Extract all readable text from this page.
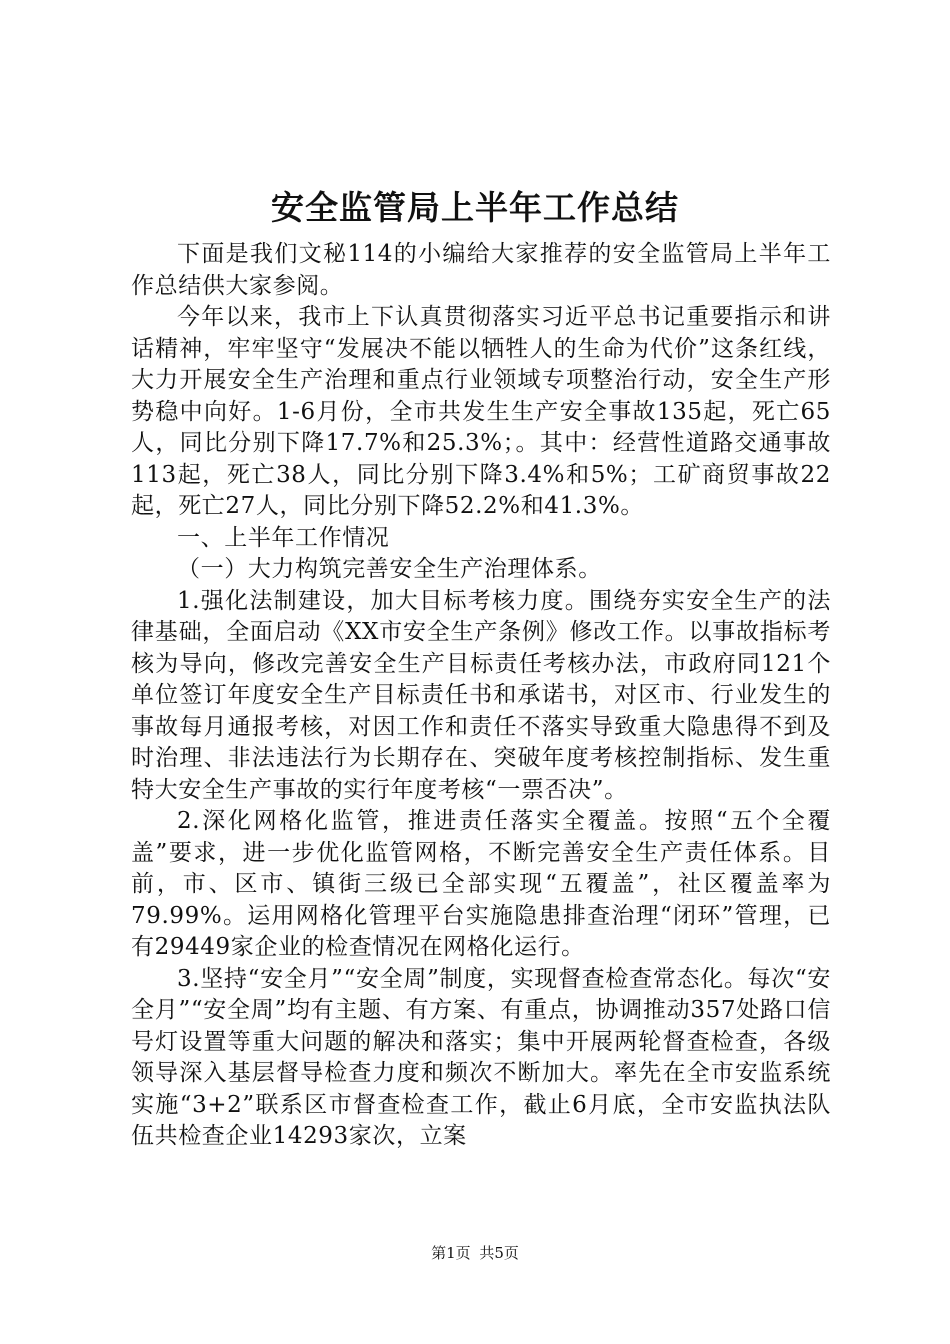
安全监管局上半年工作总结

下面是我们文秘114的小编给大家推荐的安全监管局上半年工作总结供大家参阅。

今年以来，我市上下认真贯彻落实习近平总书记重要指示和讲话精神，牢牢坚守“发展决不能以牺牲人的生命为代价”这条红线，大力开展安全生产治理和重点行业领域专项整治行动，安全生产形势稳中向好。1-6月份，全市共发生生产安全事故135起，死亡65人，同比分别下降17.7%和25.3%；。其中：经营性道路交通事故113起，死亡38人，同比分别下降3.4%和5%；工矿商贸事故22起，死亡27人，同比分别下降52.2%和41.3%。

一、上半年工作情况

（一）大力构筑完善安全生产治理体系。

1.强化法制建设，加大目标考核力度。围绕夯实安全生产的法律基础，全面启动《XX市安全生产条例》修改工作。以事故指标考核为导向，修改完善安全生产目标责任考核办法，市政府同121个单位签订年度安全生产目标责任书和承诺书，对区市、行业发生的事故每月通报考核，对因工作和责任不落实导致重大隐患得不到及时治理、非法违法行为长期存在、突破年度考核控制指标、发生重特大安全生产事故的实行年度考核“一票否决”。

2.深化网格化监管，推进责任落实全覆盖。按照“五个全覆盖”要求，进一步优化监管网格，不断完善安全生产责任体系。目前，市、区市、镇街三级已全部实现“五覆盖”，社区覆盖率为79.99%。运用网格化管理平台实施隐患排查治理“闭环”管理，已有29449家企业的检查情况在网格化运行。

3.坚持“安全月”“安全周”制度，实现督查检查常态化。每次“安全月”“安全周”均有主题、有方案、有重点，协调推动357处路口信号灯设置等重大问题的解决和落实；集中开展两轮督查检查，各级领导深入基层督导检查力度和频次不断加大。率先在全市安监系统实施“3+2”联系区市督查检查工作，截止6月底，全市安监执法队伍共检查企业14293家次，立案

第1页 共5页
